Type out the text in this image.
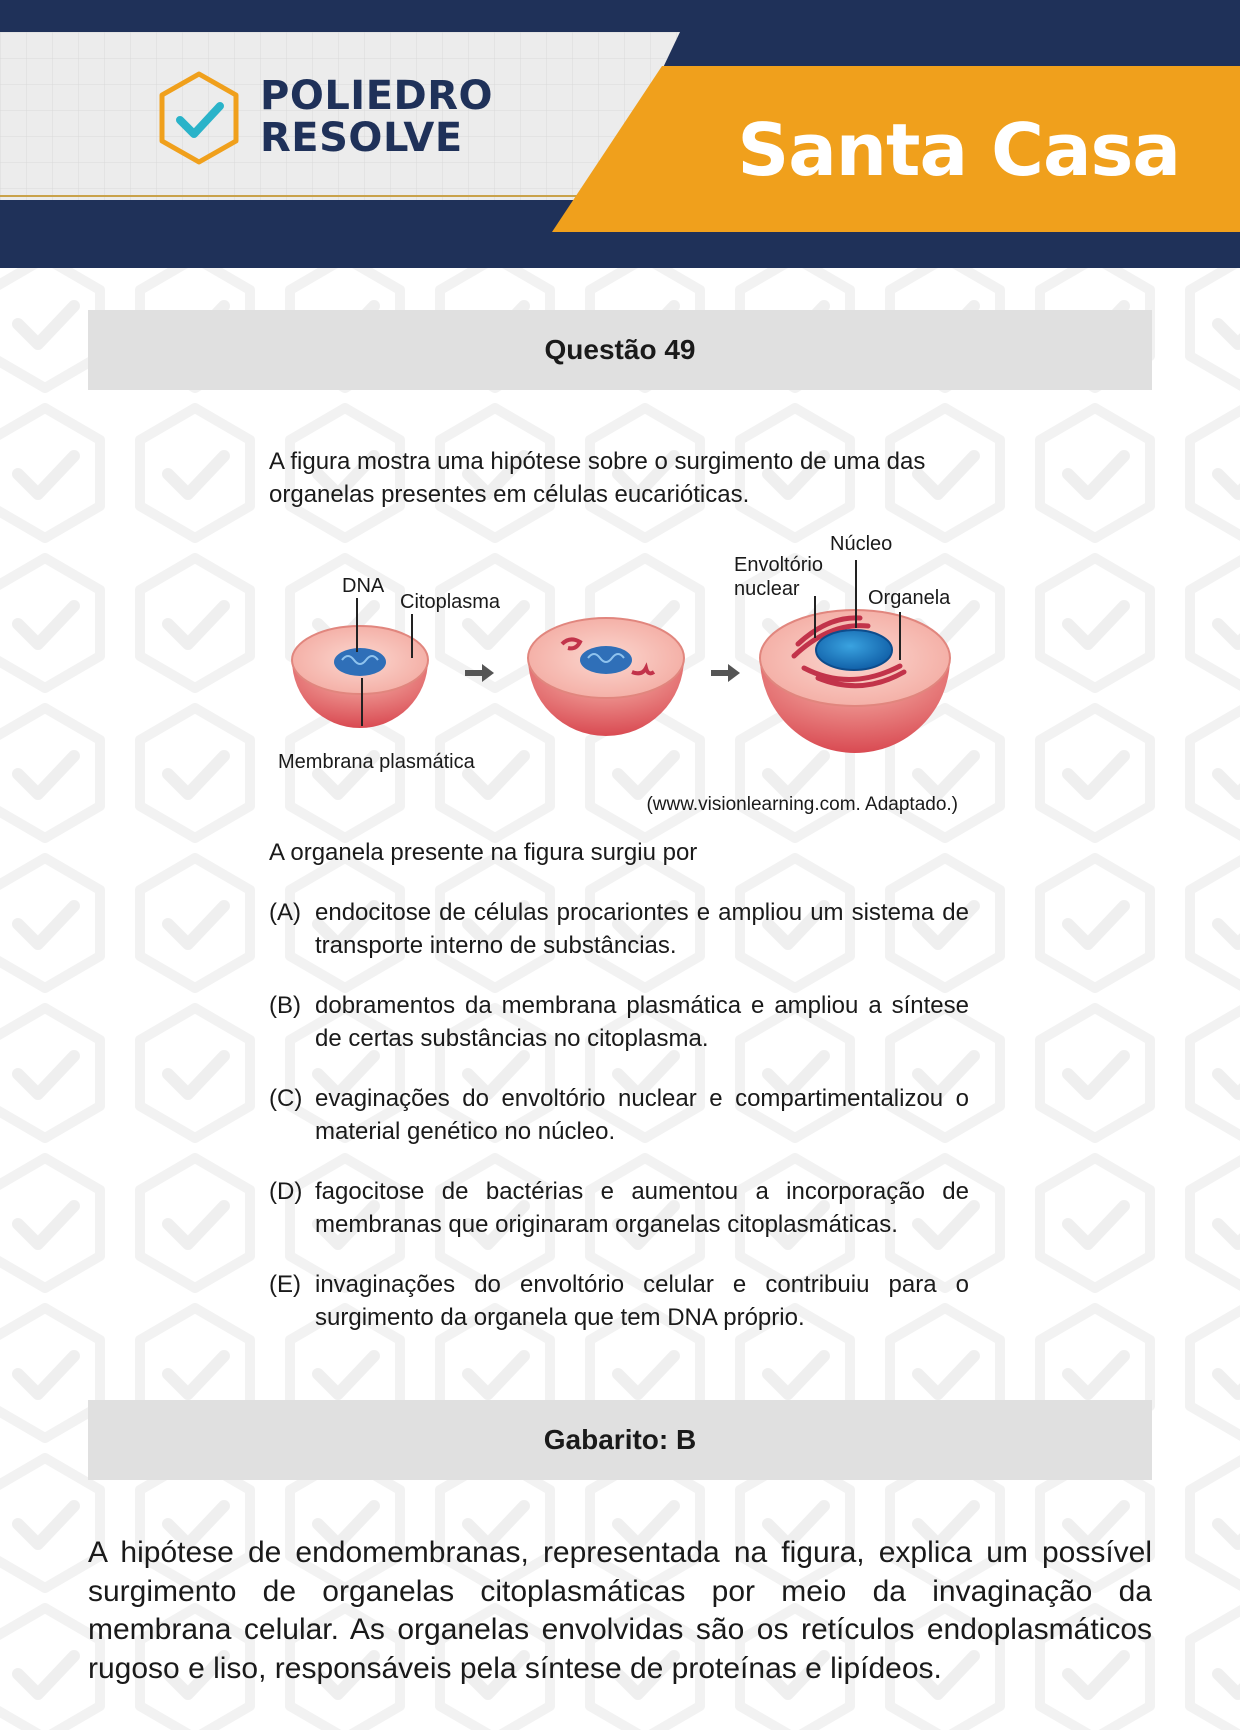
POLIEDRO
RESOLVE	Santa Casa
Questão 49
A figura mostra uma hipótese sobre o surgimento de uma das organelas presentes em células eucarióticas.
DNA
Citoplasma
Membrana plasmática
Núcleo
Envoltório
nuclear	Organela
(www.visionlearning.com. Adaptado.)
A organela presente na figura surgiu por
(A) endocitose de células procariontes e ampliou um sistema de transporte interno de substâncias.
(B) dobramentos da membrana plasmática e ampliou a síntese de certas substâncias no citoplasma.
(C) evaginações do envoltório nuclear e compartimentalizou o material genético no núcleo.
(D) fagocitose de bactérias e aumentou a incorporação de membranas que originaram organelas citoplasmáticas.
(E) invaginações do envoltório celular e contribuiu para o surgimento da organela que tem DNA próprio.
Gabarito: B
A hipótese de endomembranas, representada na figura, explica um possível surgimento de organelas citoplasmáticas por meio da invaginação da membrana celular. As organelas envolvidas são os retículos endoplasmáticos rugoso e liso, responsáveis pela síntese de proteínas e lipídeos.
